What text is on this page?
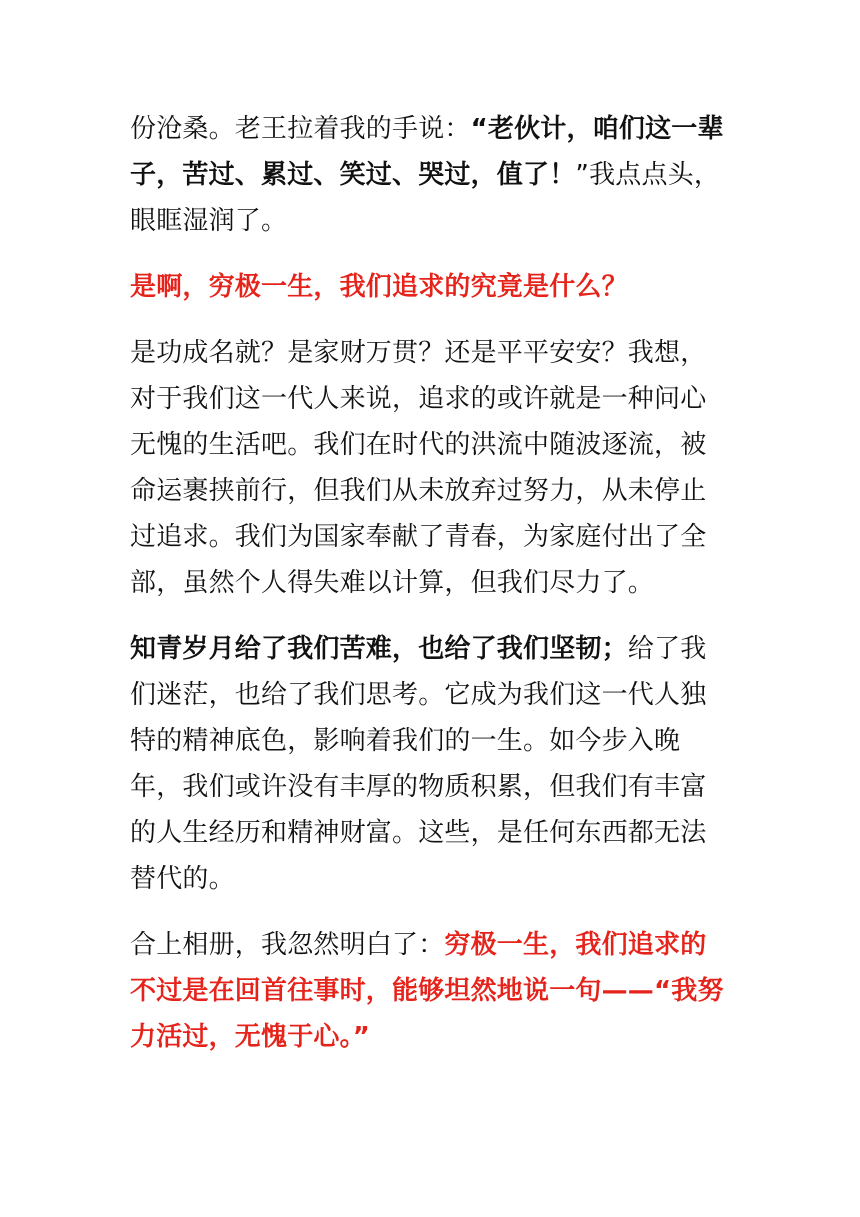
份沧桑。老王拉着我的手说：“老伙计，咱们这一辈子，苦过、累过、笑过、哭过，值了！”我点点头，眼眶湿润了。

是啊，穷极一生，我们追求的究竟是什么？

是功成名就？是家财万贯？还是平平安安？我想，对于我们这一代人来说，追求的或许就是一种问心无愧的生活吧。我们在时代的洪流中随波逐流，被命运裹挟前行，但我们从未放弃过努力，从未停止过追求。我们为国家奉献了青春，为家庭付出了全部，虽然个人得失难以计算，但我们尽力了。

知青岁月给了我们苦难，也给了我们坚韧；给了我们迷茫，也给了我们思考。它成为我们这一代人独特的精神底色，影响着我们的一生。如今步入晚年，我们或许没有丰厚的物质积累，但我们有丰富的人生经历和精神财富。这些，是任何东西都无法替代的。

合上相册，我忽然明白了：穷极一生，我们追求的不过是在回首往事时，能够坦然地说一句——“我努力活过，无愧于心。”
